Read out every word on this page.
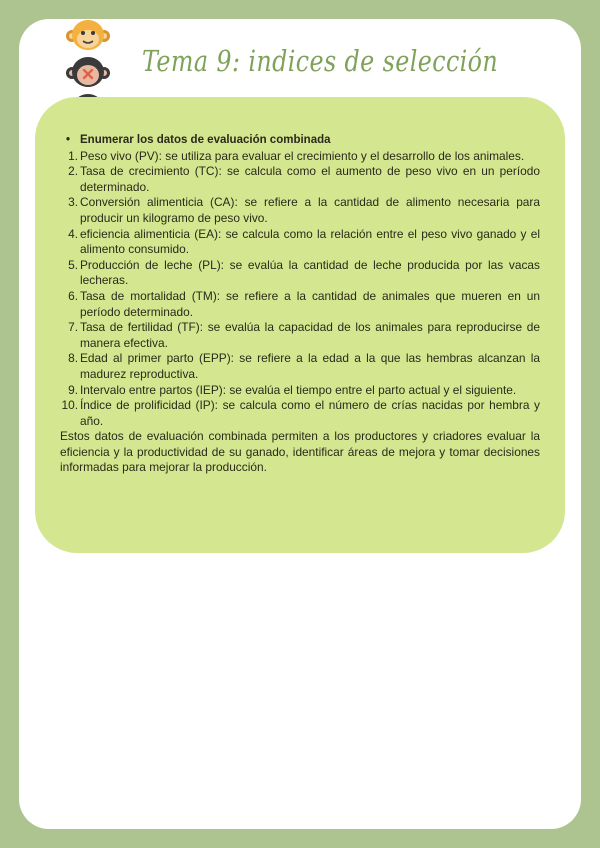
Tema 9: indices de selección

• Enumerar los datos de evaluación combinada

1. Peso vivo (PV): se utiliza para evaluar el crecimiento y el desarrollo de los animales.
2. Tasa de crecimiento (TC): se calcula como el aumento de peso vivo en un período determinado.
3. Conversión alimenticia (CA): se refiere a la cantidad de alimento necesaria para producir un kilogramo de peso vivo.
4. eficiencia alimenticia (EA): se calcula como la relación entre el peso vivo ganado y el alimento consumido.
5. Producción de leche (PL): se evalúa la cantidad de leche producida por las vacas lecheras.
6. Tasa de mortalidad (TM): se refiere a la cantidad de animales que mueren en un período determinado.
7. Tasa de fertilidad (TF): se evalúa la capacidad de los animales para reproducirse de manera efectiva.
8. Edad al primer parto (EPP): se refiere a la edad a la que las hembras alcanzan la madurez reproductiva.
9. Intervalo entre partos (IEP): se evalúa el tiempo entre el parto actual y el siguiente.
10. Índice de prolificidad (IP): se calcula como el número de crías nacidas por hembra y año.

Estos datos de evaluación combinada permiten a los productores y criadores evaluar la eficiencia y la productividad de su ganado, identificar áreas de mejora y tomar decisiones informadas para mejorar la producción.
